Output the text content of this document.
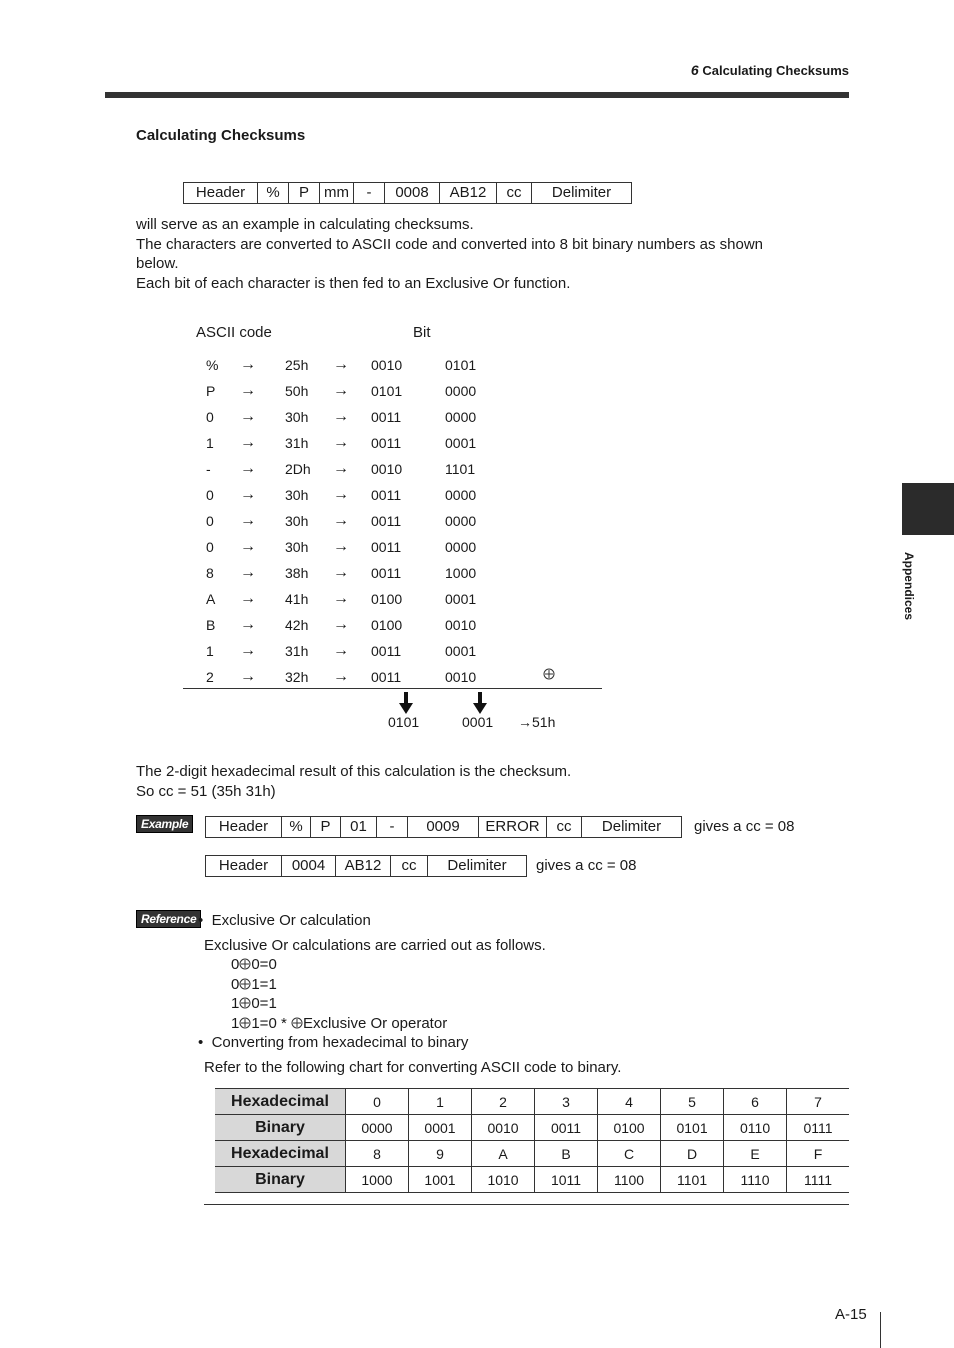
6 Calculating Checksums
Calculating Checksums
Appendices
Header	%	P	mm	-	0008	AB12	cc	Delimiter
will serve as an example in calculating checksums.
The characters are converted to ASCII code and converted into 8 bit binary numbers as shown
below.
Each bit of each character is then fed to an Exclusive Or function.
ASCII code	Bit
% → 25h → 0010	0101
P → 50h → 0101	0000
0 → 30h → 0011	0000
1 → 31h → 0011	0001
- → 2Dh → 0010	1101
0 → 30h → 0011	0000
0 → 30h → 0011	0000
0 → 30h → 0011	0000
8 → 38h → 0011	1000
A → 41h → 0100	0001
B → 42h → 0100	0010
1 → 31h → 0011	0001
2 → 32h → 0011	0010
0101	0001 →51h
The 2-digit hexadecimal result of this calculation is the checksum.
So cc = 51 (35h 31h)
Example	Header	%	P	01	-	0009	ERROR	cc	Delimiter	gives a cc = 08
Header	0004	AB12	cc	Delimiter	gives a cc = 08
Reference •  Exclusive Or calculation
Exclusive Or calculations are carried out as follows.
0 0=0
0 1=1
1 0=1
1 1=0 * Exclusive Or operator
•  Converting from hexadecimal to binary
Refer to the following chart for converting ASCII code to binary.
Hexadecimal	0	1	2	3	4	5	6	7
Binary	0000	0001	0010	0011	0100	0101	0110	0111
Hexadecimal	8	9	A	B	C	D	E	F
Binary	1000	1001	1010	1011	1100	1101	1110	1111
A-15
